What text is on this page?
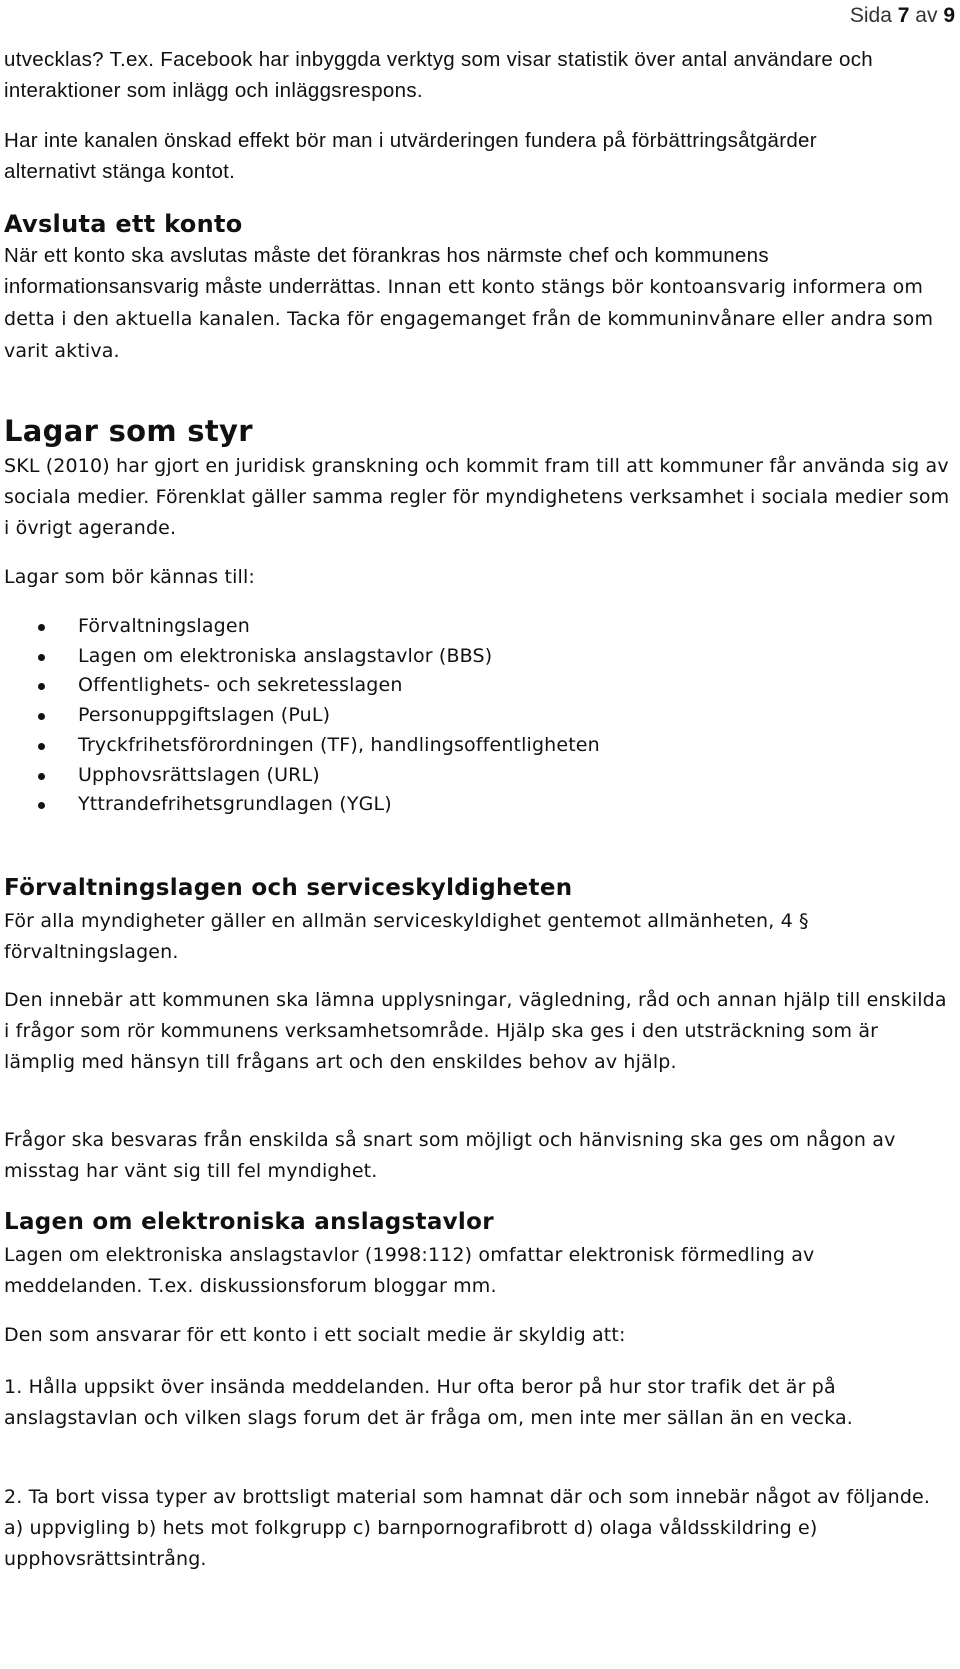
Sida 7 av 9

utvecklas? T.ex. Facebook har inbyggda verktyg som visar statistik över antal användare och interaktioner som inlägg och inläggsrespons.

Har inte kanalen önskad effekt bör man i utvärderingen fundera på förbättringsåtgärder alternativt stänga kontot.

Avsluta ett konto

När ett konto ska avslutas måste det förankras hos närmste chef och kommunens informationsansvarig måste underrättas. Innan ett konto stängs bör kontoansvarig informera om detta i den aktuella kanalen. Tacka för engagemanget från de kommuninvånare eller andra som varit aktiva.

Lagar som styr

SKL (2010) har gjort en juridisk granskning och kommit fram till att kommuner får använda sig av sociala medier. Förenklat gäller samma regler för myndighetens verksamhet i sociala medier som i övrigt agerande.

Lagar som bör kännas till:

Förvaltningslagen
Lagen om elektroniska anslagstavlor (BBS)
Offentlighets- och sekretesslagen
Personuppgiftslagen (PuL)
Tryckfrihetsförordningen (TF), handlingsoffentligheten
Upphovsrättslagen (URL)
Yttrandefrihetsgrundlagen (YGL)
Förvaltningslagen och serviceskyldigheten

För alla myndigheter gäller en allmän serviceskyldighet gentemot allmänheten, 4 § förvaltningslagen.

Den innebär att kommunen ska lämna upplysningar, vägledning, råd och annan hjälp till enskilda i frågor som rör kommunens verksamhetsområde. Hjälp ska ges i den utsträckning som är lämplig med hänsyn till frågans art och den enskildes behov av hjälp.

Frågor ska besvaras från enskilda så snart som möjligt och hänvisning ska ges om någon av misstag har vänt sig till fel myndighet.

Lagen om elektroniska anslagstavlor

Lagen om elektroniska anslagstavlor (1998:112) omfattar elektronisk förmedling av meddelanden. T.ex. diskussionsforum bloggar mm.

Den som ansvarar för ett konto i ett socialt medie är skyldig att:

1. Hålla uppsikt över insända meddelanden. Hur ofta beror på hur stor trafik det är på anslagstavlan och vilken slags forum det är fråga om, men inte mer sällan än en vecka.

2. Ta bort vissa typer av brottsligt material som hamnat där och som innebär något av följande. a) uppvigling b) hets mot folkgrupp c) barnpornografibrott d) olaga våldsskildring e) upphovsrättsintrång.
